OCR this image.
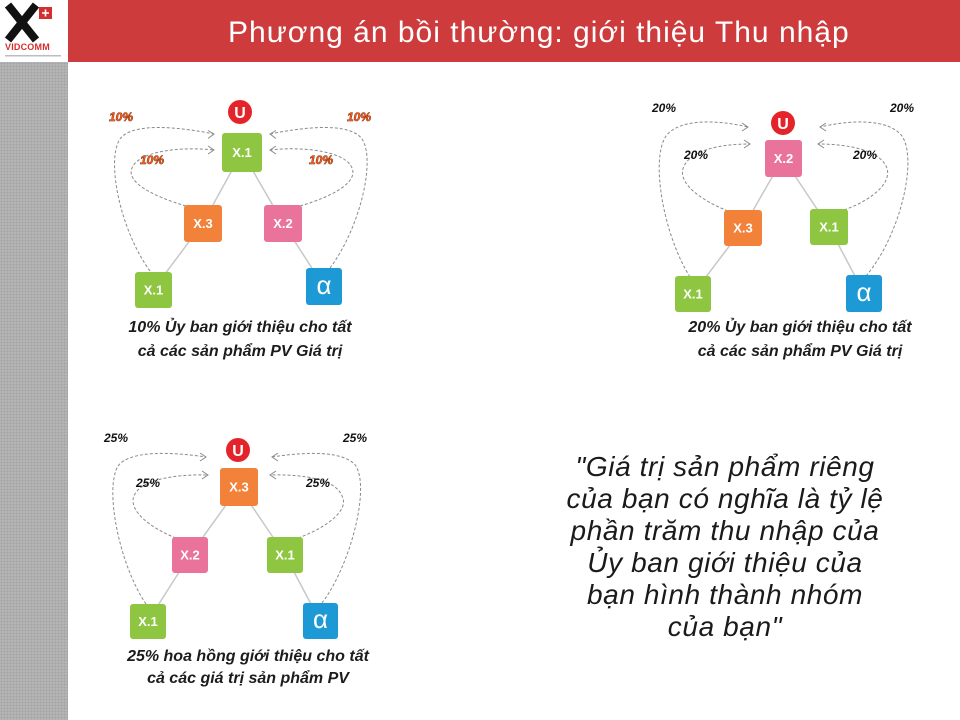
VIDCOMM	Phương án bồi thường: giới thiệu Thu nhập
U
X.1
X.3	X.2
X.1	α
10%	10%
10%	10%
10% Ủy ban giới thiệu cho tất
cả các sản phẩm PV Giá trị
U
X.2
X.3	X.1
X.1	α
20%	20%
20%	20%
20% Ủy ban giới thiệu cho tất
cả các sản phẩm PV Giá trị
U
X.3
X.2	X.1
X.1	α
25%	25%
25%	25%
25% hoa hồng giới thiệu cho tất
cả các giá trị sản phẩm PV
"Giá trị sản phẩm riêng
của bạn có nghĩa là tỷ lệ
phần trăm thu nhập của
Ủy ban giới thiệu của
bạn hình thành nhóm
của bạn"
